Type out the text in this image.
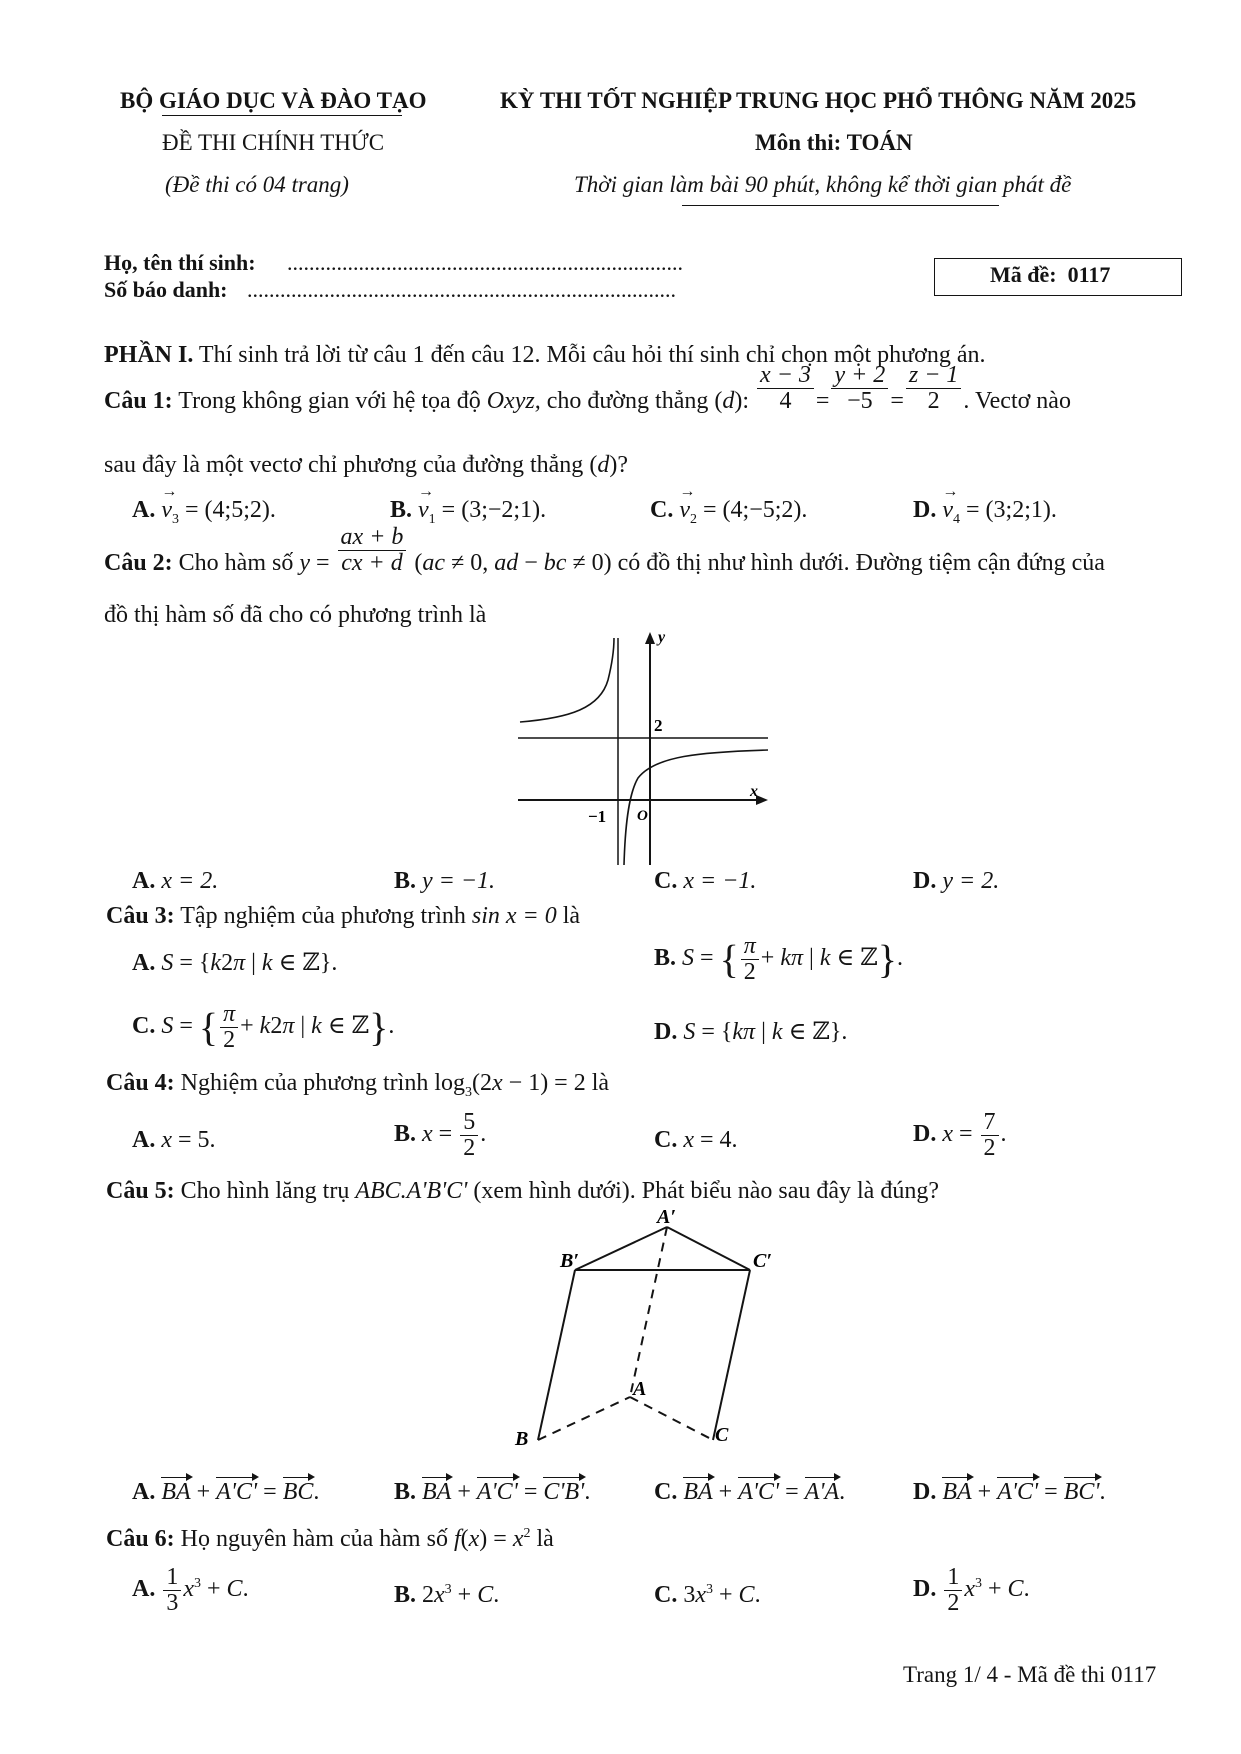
BỘ GIÁO DỤC VÀ ĐÀO TẠO
ĐỀ THI CHÍNH THỨC
(Đề thi có 04 trang)
KỲ THI TỐT NGHIỆP TRUNG HỌC PHỔ THÔNG NĂM 2025
Môn thi: TOÁN
Thời gian làm bài 90 phút, không kể thời gian phát đề
Họ, tên thí sinh: ........................................................................
Số báo danh: ..............................................................................
Mã đề: 0117
PHẦN I. Thí sinh trả lời từ câu 1 đến câu 12. Mỗi câu hỏi thí sinh chỉ chọn một phương án.
Câu 1: Trong không gian với hệ tọa độ Oxyz, cho đường thẳng (d): $\frac{x - 3}{4} = \frac{y + 2}{-5} = \frac{z - 1}{2}$ . Vectơ nào
sau đây là một vectơ chỉ phương của đường thẳng (d)?
A. → $v_3$ = (4;5;2).	B. → $v_1$ = (3;−2;1).	C. → $v_2$ = (4;−5;2).	D. → $v_4$ = (3;2;1).
Câu 2: Cho hàm số $y = \frac{ax + b}{cx + d} (ac \ne 0$, ad − bc ≠ 0) có đồ thị như hình dưới. Đường tiệm cận đứng của
đồ thị hàm số đã cho có phương trình là
y
x
2
−1 O
A. x = 2.	B. y = −1.	C. x = −1.	D. y = 2.
Câu 3: Tập nghiệm của phương trình sin x = 0 là
A. S = {k2π | k ∈ ℤ}.	B. S = { $\frac{\pi}{2} + k\pi$ | k ∈ ℤ}.
C. S = { $\frac{\pi}{2} + k2\pi$ | k ∈ ℤ}.	D. S = {kπ | k ∈ ℤ}.
Câu 4: Nghiệm của phương trình $\log_3(2x - 1) = 2$ là
A. x = 5.	B. $x = \frac{5}{2}$ .	C. x = 4.	D. $x = \frac{7}{2}$ .
Câu 5: Cho hình lăng trụ ABC.A'B'C' (xem hình dưới). Phát biểu nào sau đây là đúng?
A′
B′	C′
A
B	C
A. BA + A'C' = BC.	B. BA + A'C' = C'B'.	C. BA + A'C' = A'A.	D. BA + A'C' = BC'.
Câu 6: Họ nguyên hàm của hàm số $f(x) = x^2$ là
A. $\frac{1}{3} x^3 + C$.	B. $2x^3 + C$.	C. $3x^3 + C$.	D. $\frac{1}{2} x^3 + C$.
Trang 1/ 4 - Mã đề thi 0117
